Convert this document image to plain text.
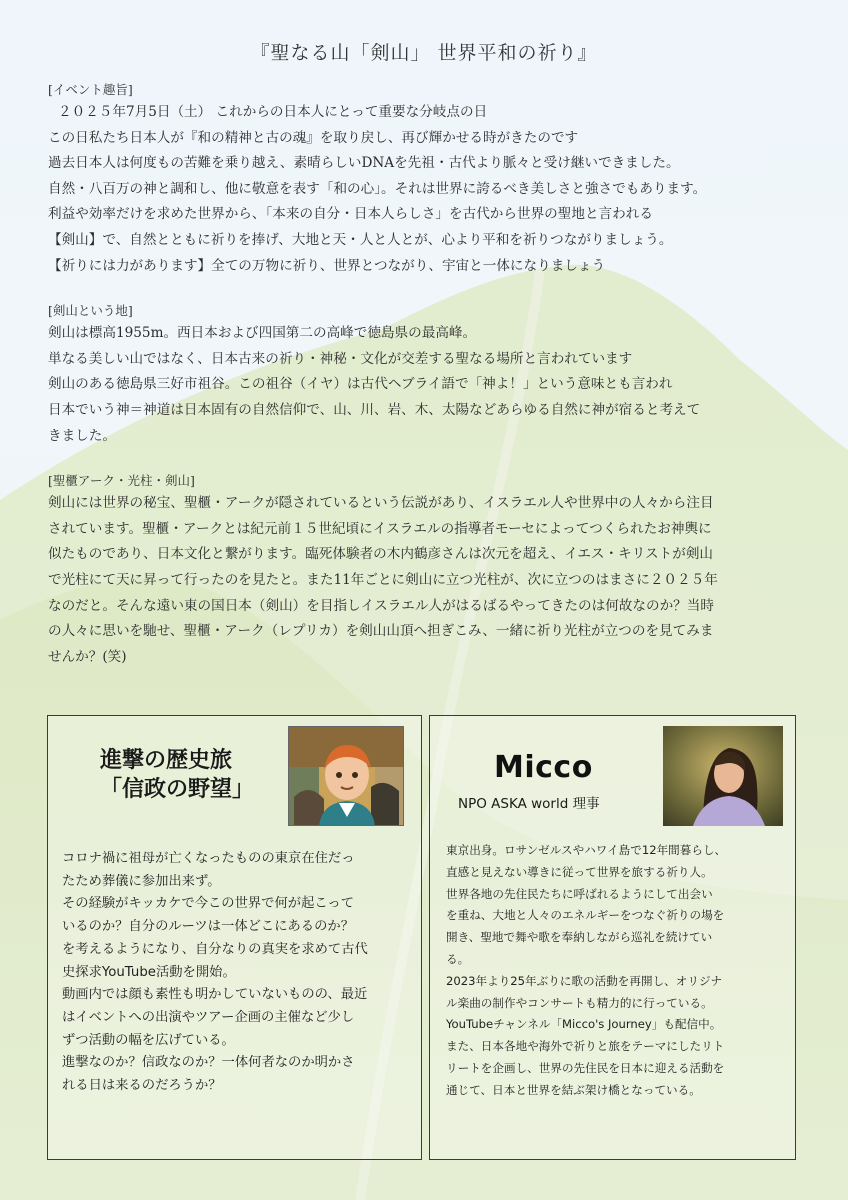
『聖なる山「剣山」 世界平和の祈り』
[イベント趣旨]
２０２５年7月5日（土） これからの日本人にとって重要な分岐点の日
この日私たち日本人が『和の精神と古の魂』を取り戻し、再び輝かせる時がきたのです
過去日本人は何度もの苦難を乗り越え、素晴らしいDNAを先祖・古代より脈々と受け継いできました。
自然・八百万の神と調和し、他に敬意を表す「和の心」。それは世界に誇るべき美しさと強さでもあります。
利益や効率だけを求めた世界から、「本来の自分・日本人らしさ」を古代から世界の聖地と言われる
【剣山】で、自然とともに祈りを捧げ、大地と天・人と人とが、心より平和を祈りつながりましょう。
【祈りには力があります】全ての万物に祈り、世界とつながり、宇宙と一体になりましょう
[剣山という地]
剣山は標高1955m。西日本および四国第二の高峰で徳島県の最高峰。
単なる美しい山ではなく、日本古来の祈り・神秘・文化が交差する聖なる場所と言われています
剣山のある徳島県三好市祖谷。この祖谷（イヤ）は古代ヘブライ語で「神よ！」という意味とも言われ
日本でいう神＝神道は日本固有の自然信仰で、山、川、岩、木、太陽などあらゆる自然に神が宿ると考えて
きました。
[聖櫃アーク・光柱・剣山]
剣山には世界の秘宝、聖櫃・アークが隠されているという伝説があり、イスラエル人や世界中の人々から注目
されています。聖櫃・アークとは紀元前１５世紀頃にイスラエルの指導者モーセによってつくられたお神輿に
似たものであり、日本文化と繋がります。臨死体験者の木内鶴彦さんは次元を超え、イエス・キリストが剣山
で光柱にて天に昇って行ったのを見たと。また11年ごとに剣山に立つ光柱が、次に立つのはまさに２０２５年
なのだと。そんな遠い東の国日本（剣山）を目指しイスラエル人がはるばるやってきたのは何故なのか？当時
の人々に思いを馳せ、聖櫃・アーク（レプリカ）を剣山山頂へ担ぎこみ、一緒に祈り光柱が立つのを見てみま
せんか？(笑)
進撃の歴史旅
「信政の野望」
コロナ禍に祖母が亡くなったものの東京在住だっ
たため葬儀に参加出来ず。
その経験がキッカケで今この世界で何が起こって
いるのか？自分のルーツは一体どこにあるのか？
を考えるようになり、自分なりの真実を求めて古代
史探求YouTube活動を開始。
動画内では顔も素性も明かしていないものの、最近
はイベントへの出演やツアー企画の主催など少し
ずつ活動の幅を広げている。
進撃なのか？信政なのか？一体何者なのか明かさ
れる日は来るのだろうか？
Micco
NPO ASKA world 理事
東京出身。ロサンゼルスやハワイ島で12年間暮らし、
直感と見えない導きに従って世界を旅する祈り人。
世界各地の先住民たちに呼ばれるようにして出会い
を重ね、大地と人々のエネルギーをつなぐ祈りの場を
開き、聖地で舞や歌を奉納しながら巡礼を続けてい
る。
2023年より25年ぶりに歌の活動を再開し、オリジナ
ル楽曲の制作やコンサートも精力的に行っている。
YouTubeチャンネル「Micco's Journey」も配信中。
また、日本各地や海外で祈りと旅をテーマにしたリト
リートを企画し、世界の先住民を日本に迎える活動を
通じて、日本と世界を結ぶ架け橋となっている。
